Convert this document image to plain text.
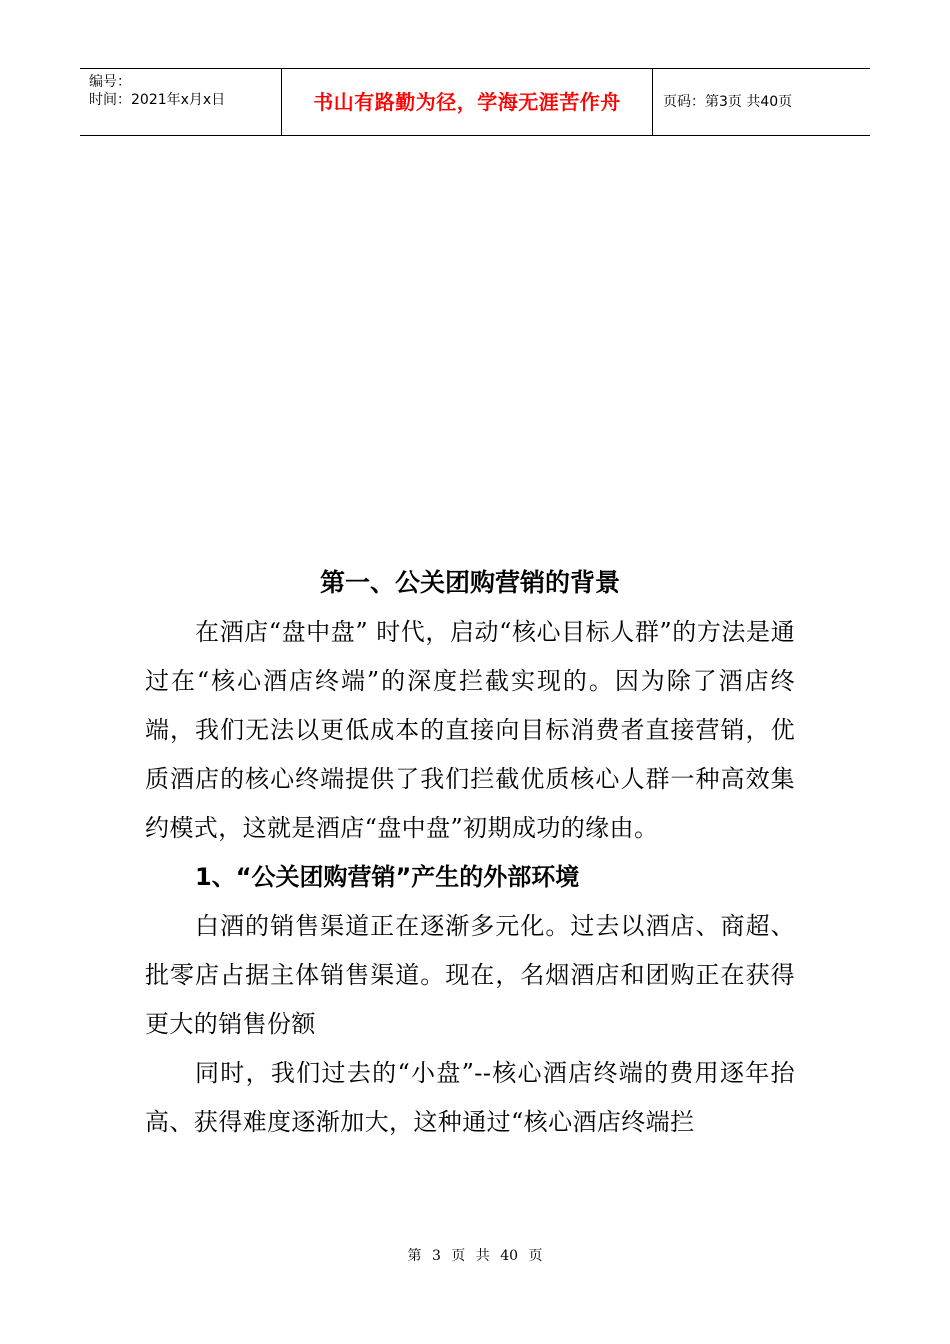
编号：
时间：2021年x月x日	书山有路勤为径，学海无涯苦作舟	页码：第3页 共40页
第一、公关团购营销的背景

在酒店“盘中盘” 时代，启动“核心目标人群”的方法是通过在“核心酒店终端”的深度拦截实现的。因为除了酒店终端，我们无法以更低成本的直接向目标消费者直接营销，优质酒店的核心终端提供了我们拦截优质核心人群一种高效集约模式，这就是酒店“盘中盘”初期成功的缘由。

1、“公关团购营销”产生的外部环境

白酒的销售渠道正在逐渐多元化。过去以酒店、商超、批零店占据主体销售渠道。现在，名烟酒店和团购正在获得更大的销售份额

同时，我们过去的“小盘”--核心酒店终端的费用逐年抬高、获得难度逐渐加大，这种通过“核心酒店终端拦

第 3 页 共 40 页
